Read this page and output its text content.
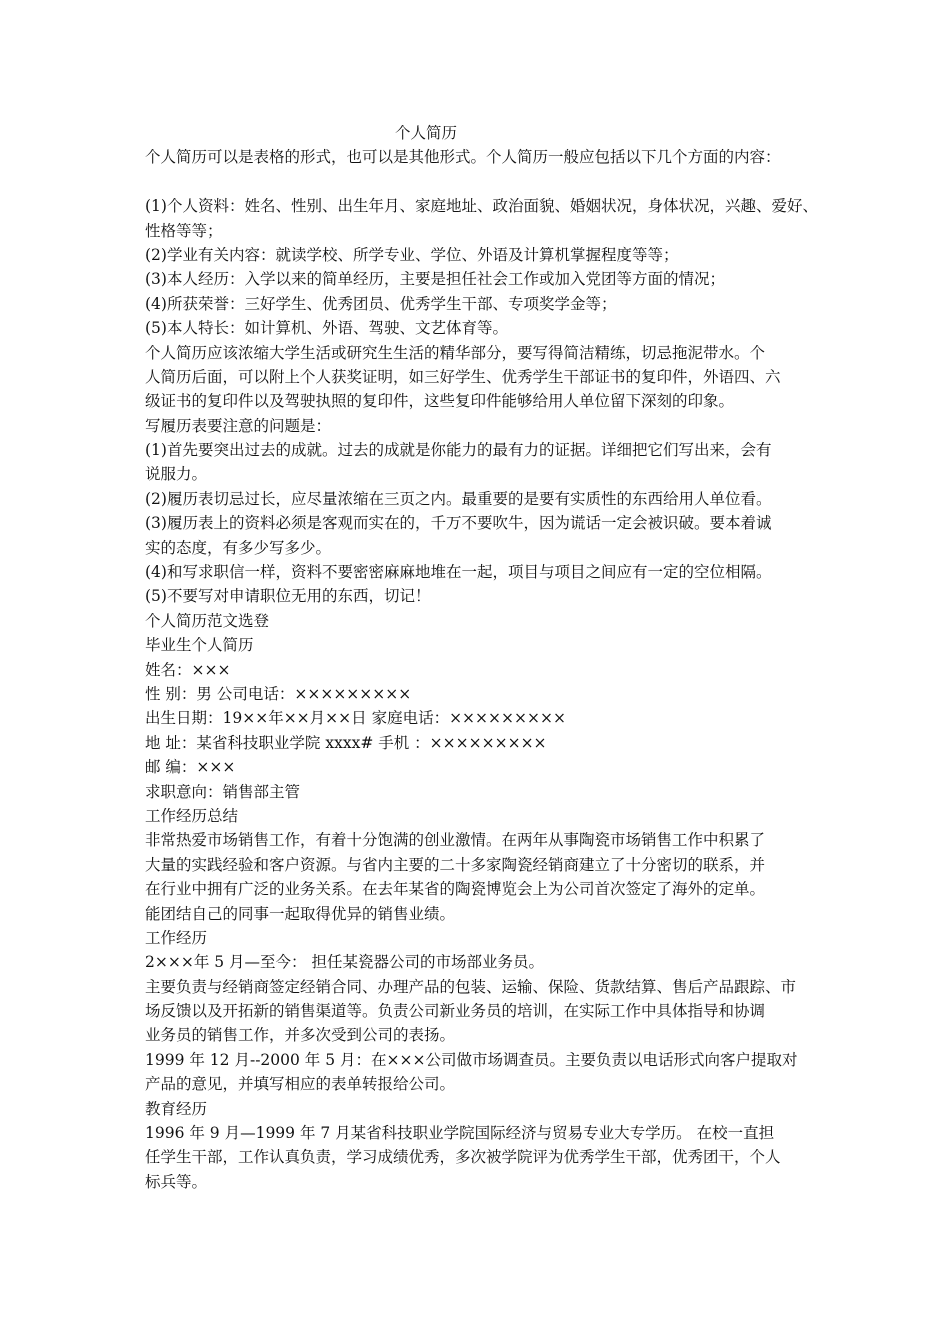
个人简历
个人简历可以是表格的形式，也可以是其他形式。个人简历一般应包括以下几个方面的内容：
(1)个人资料：姓名、性别、出生年月、家庭地址、政治面貌、婚姻状况，身体状况，兴趣、爱好、
性格等等；
(2)学业有关内容：就读学校、所学专业、学位、外语及计算机掌握程度等等；
(3)本人经历：入学以来的简单经历，主要是担任社会工作或加入党团等方面的情况；
(4)所获荣誉：三好学生、优秀团员、优秀学生干部、专项奖学金等；
(5)本人特长：如计算机、外语、驾驶、文艺体育等。
个人简历应该浓缩大学生活或研究生生活的精华部分，要写得简洁精练，切忌拖泥带水。个
人简历后面，可以附上个人获奖证明，如三好学生、优秀学生干部证书的复印件，外语四、六
级证书的复印件以及驾驶执照的复印件，这些复印件能够给用人单位留下深刻的印象。
写履历表要注意的问题是：
(1)首先要突出过去的成就。过去的成就是你能力的最有力的证据。详细把它们写出来，会有
说服力。
(2)履历表切忌过长，应尽量浓缩在三页之内。最重要的是要有实质性的东西给用人单位看。
(3)履历表上的资料必须是客观而实在的，千万不要吹牛，因为谎话一定会被识破。要本着诚
实的态度，有多少写多少。
(4)和写求职信一样，资料不要密密麻麻地堆在一起，项目与项目之间应有一定的空位相隔。
(5)不要写对申请职位无用的东西，切记！
个人简历范文选登
毕业生个人简历
姓名：×××
性 别：男 公司电话：×××××××××
出生日期：19××年××月××日 家庭电话：×××××××××
地 址：某省科技职业学院 xxxx# 手机 ：×××××××××
邮 编：×××
求职意向：销售部主管
工作经历总结
非常热爱市场销售工作，有着十分饱满的创业激情。在两年从事陶瓷市场销售工作中积累了
大量的实践经验和客户资源。与省内主要的二十多家陶瓷经销商建立了十分密切的联系，并
在行业中拥有广泛的业务关系。在去年某省的陶瓷博览会上为公司首次签定了海外的定单。
能团结自己的同事一起取得优异的销售业绩。
工作经历
2×××年 5 月—至今： 担任某瓷器公司的市场部业务员。
主要负责与经销商签定经销合同、办理产品的包装、运输、保险、货款结算、售后产品跟踪、市
场反馈以及开拓新的销售渠道等。负责公司新业务员的培训，在实际工作中具体指导和协调
业务员的销售工作，并多次受到公司的表扬。
1999 年 12 月--2000 年 5 月：在×××公司做市场调查员。主要负责以电话形式向客户提取对
产品的意见，并填写相应的表单转报给公司。
教育经历
1996 年 9 月—1999 年 7 月某省科技职业学院国际经济与贸易专业大专学历。 在校一直担
任学生干部，工作认真负责，学习成绩优秀，多次被学院评为优秀学生干部，优秀团干，个人
标兵等。
